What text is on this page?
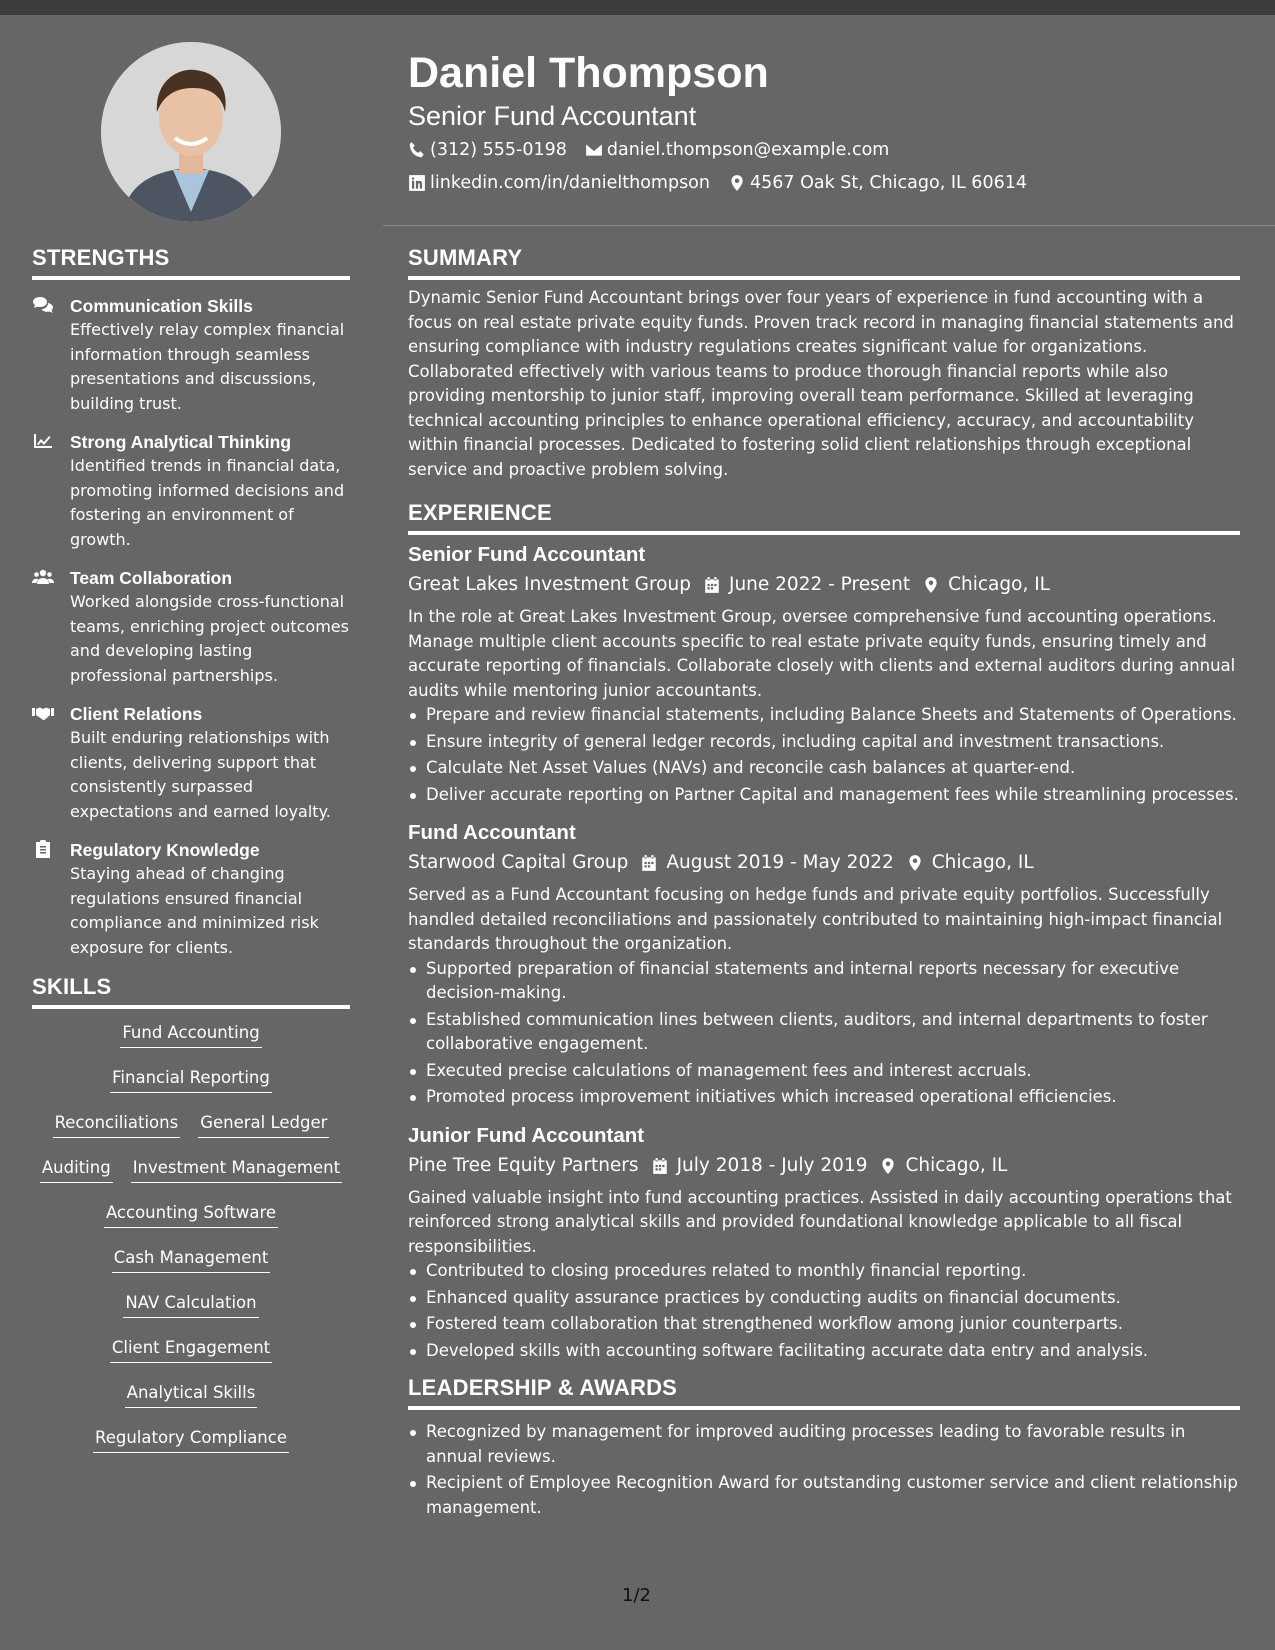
Daniel Thompson
Senior Fund Accountant
(312) 555-0198 daniel.thompson@example.com
linkedin.com/in/danielthompson 4567 Oak St, Chicago, IL 60614
STRENGTHS
Communication Skills
Effectively relay complex financial information through seamless presentations and discussions, building trust.
Strong Analytical Thinking
Identified trends in financial data, promoting informed decisions and fostering an environment of growth.
Team Collaboration
Worked alongside cross-functional teams, enriching project outcomes and developing lasting professional partnerships.
Client Relations
Built enduring relationships with clients, delivering support that consistently surpassed expectations and earned loyalty.
Regulatory Knowledge
Staying ahead of changing regulations ensured financial compliance and minimized risk exposure for clients.
SKILLS
Fund Accounting
Financial Reporting
Reconciliations General Ledger
Auditing Investment Management
Accounting Software
Cash Management
NAV Calculation
Client Engagement
Analytical Skills
Regulatory Compliance
SUMMARY

Dynamic Senior Fund Accountant brings over four years of experience in fund accounting with a focus on real estate private equity funds. Proven track record in managing financial statements and ensuring compliance with industry regulations creates significant value for organizations. Collaborated effectively with various teams to produce thorough financial reports while also providing mentorship to junior staff, improving overall team performance. Skilled at leveraging technical accounting principles to enhance operational efficiency, accuracy, and accountability within financial processes. Dedicated to fostering solid client relationships through exceptional service and proactive problem solving.

EXPERIENCE
Senior Fund Accountant
Great Lakes Investment Group June 2022 - Present Chicago, IL

In the role at Great Lakes Investment Group, oversee comprehensive fund accounting operations. Manage multiple client accounts specific to real estate private equity funds, ensuring timely and accurate reporting of financials. Collaborate closely with clients and external auditors during annual audits while mentoring junior accountants.

Prepare and review financial statements, including Balance Sheets and Statements of Operations.
Ensure integrity of general ledger records, including capital and investment transactions.
Calculate Net Asset Values (NAVs) and reconcile cash balances at quarter-end.
Deliver accurate reporting on Partner Capital and management fees while streamlining processes.
Fund Accountant
Starwood Capital Group August 2019 - May 2022 Chicago, IL

Served as a Fund Accountant focusing on hedge funds and private equity portfolios. Successfully handled detailed reconciliations and passionately contributed to maintaining high-impact financial standards throughout the organization.

Supported preparation of financial statements and internal reports necessary for executive decision-making.
Established communication lines between clients, auditors, and internal departments to foster collaborative engagement.
Executed precise calculations of management fees and interest accruals.
Promoted process improvement initiatives which increased operational efficiencies.
Junior Fund Accountant
Pine Tree Equity Partners July 2018 - July 2019 Chicago, IL

Gained valuable insight into fund accounting practices. Assisted in daily accounting operations that reinforced strong analytical skills and provided foundational knowledge applicable to all fiscal responsibilities.

Contributed to closing procedures related to monthly financial reporting.
Enhanced quality assurance practices by conducting audits on financial documents.
Fostered team collaboration that strengthened workflow among junior counterparts.
Developed skills with accounting software facilitating accurate data entry and analysis.
LEADERSHIP & AWARDS
Recognized by management for improved auditing processes leading to favorable results in annual reviews.
Recipient of Employee Recognition Award for outstanding customer service and client relationship management.
1/2
